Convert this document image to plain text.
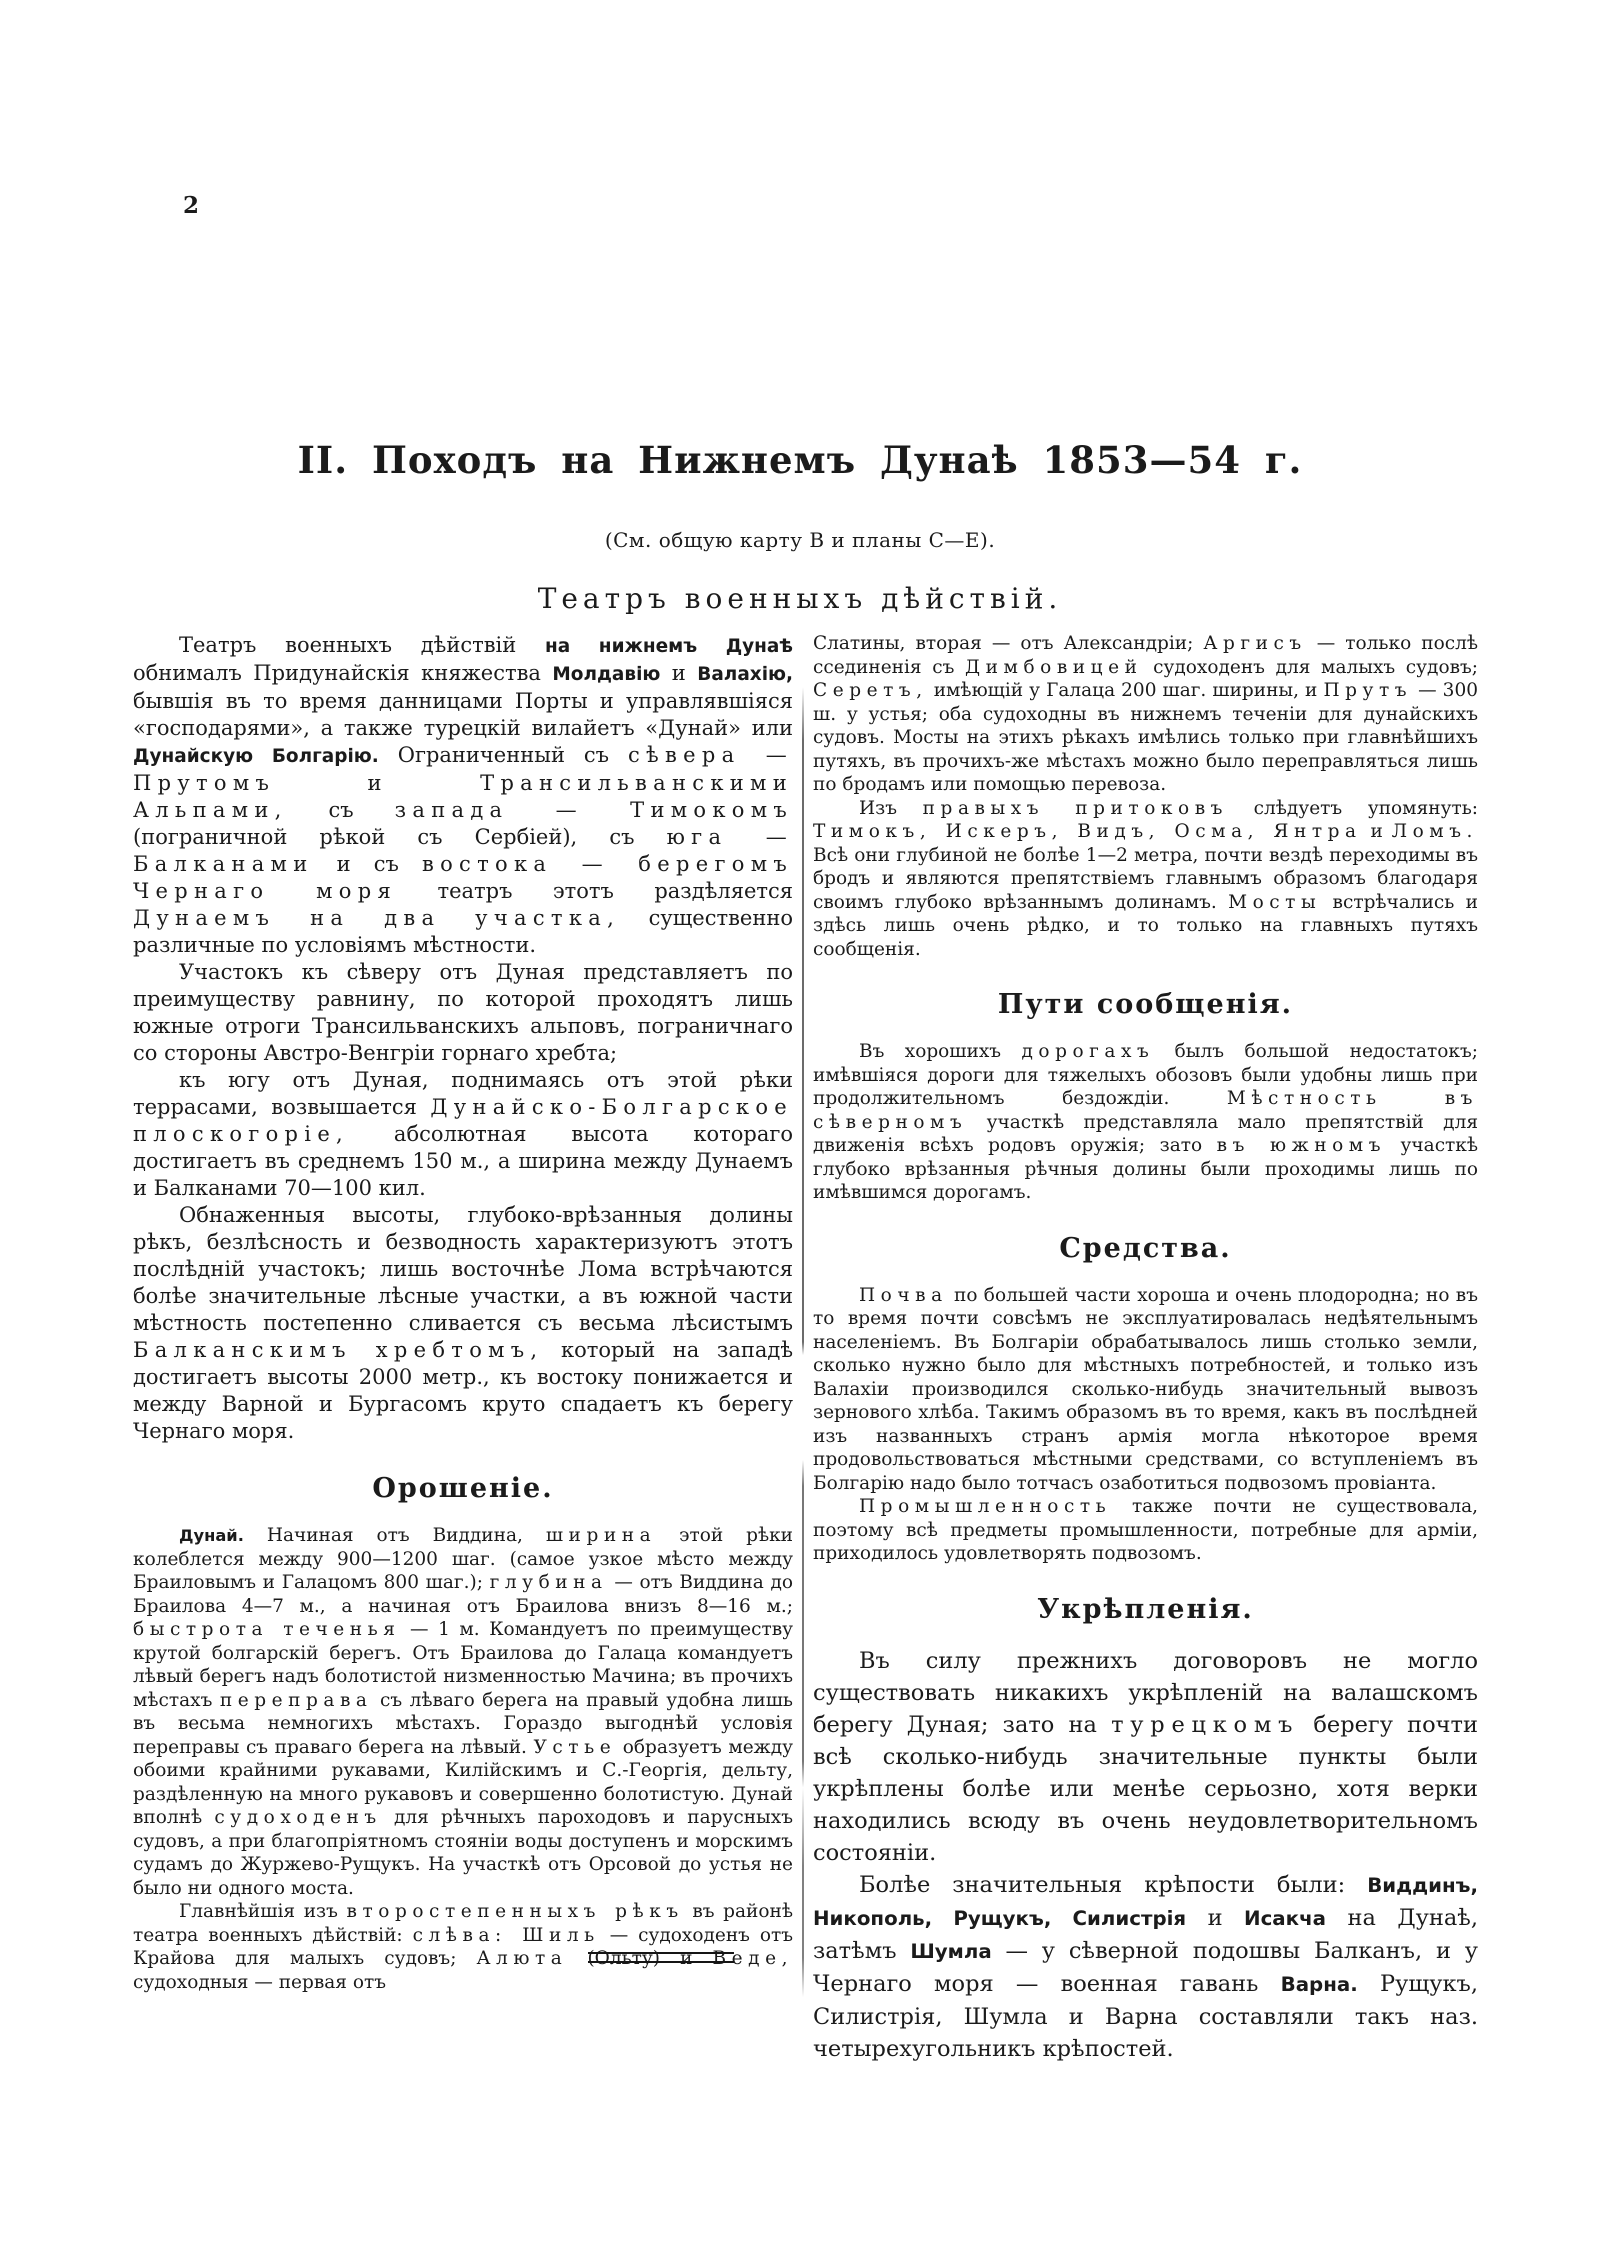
2
II. Походъ на Нижнемъ Дунаѣ 1853—54 г.
(См. общую карту B и планы C—E).
Театръ военныхъ дѣйствій.

Театръ военныхъ дѣйствій на нижнемъ Дунаѣ обнималъ Придунайскія княжества Молдавію и Валахію, бывшія въ то время данницами Порты и управлявшіяся «господарями», а также турецкій вилайетъ «Дунай» или Дунайскую Болгарію. Ограниченный съ сѣвера — Прутомъ и Трансильванскими Альпами, съ запада — Тимокомъ (пограничной рѣкой съ Сербіей), съ юга — Балканами и съ востока — берегомъ Чернаго моря театръ этотъ раздѣляется Дунаемъ на два участка, существенно различные по условіямъ мѣстности.

Участокъ къ сѣверу отъ Дуная представляетъ по преимуществу равнину, по которой проходятъ лишь южные отроги Трансильванскихъ альповъ, пограничнаго со стороны Австро-Венгріи горнаго хребта;

къ югу отъ Дуная, поднимаясь отъ этой рѣки террасами, возвышается Дунайско-Болгарское плоскогоріе, абсолютная высота котораго достигаетъ въ среднемъ 150 м., а ширина между Дунаемъ и Балканами 70—100 кил.

Обнаженныя высоты, глубоко-врѣзанныя долины рѣкъ, безлѣсность и безводность характеризуютъ этотъ послѣдній участокъ; лишь восточнѣе Лома встрѣчаются болѣе значительные лѣсные участки, а въ южной части мѣстность постепенно сливается съ весьма лѣсистымъ Балканскимъ хребтомъ, который на западѣ достигаетъ высоты 2000 метр., къ востоку понижается и между Варной и Бургасомъ круто спадаетъ къ берегу Чернаго моря.

Орошеніе.

Дунай. Начиная отъ Виддина, ширина этой рѣки колеблется между 900—1200 шаг. (самое узкое мѣсто между Браиловымъ и Галацомъ 800 шаг.); глубина — отъ Виддина до Браилова 4—7 м., а начиная отъ Браилова внизъ 8—16 м.; быстрота теченья — 1 м. Командуетъ по преимуществу крутой болгарскій берегъ. Отъ Браилова до Галаца командуетъ лѣвый берегъ надъ болотистой низменностью Мачина; въ прочихъ мѣстахъ переправа съ лѣваго берега на правый удобна лишь въ весьма немногихъ мѣстахъ. Гораздо выгоднѣй условія переправы съ праваго берега на лѣвый. Устье образуетъ между обоими крайними рукавами, Килійскимъ и С.-Георгія, дельту, раздѣленную на много рукавовъ и совершенно болотистую. Дунай вполнѣ судоходенъ для рѣчныхъ пароходовъ и парусныхъ судовъ, а при благопріятномъ стояніи воды доступенъ и морскимъ судамъ до Журжево-Рущукъ. На участкѣ отъ Орсовой до устья не было ни одного моста.

Главнѣйшія изъ второстепенныхъ рѣкъ въ районѣ театра военныхъ дѣйствій: слѣва: Шиль — судоходенъ отъ Крайова для малыхъ судовъ; Алюта (Ольту) и Веде, судоходныя — первая отъ

Слатины, вторая — отъ Александріи; Аргисъ — только послѣ ссединенія съ Димбовицей судоходенъ для малыхъ судовъ; Серетъ, имѣющій у Галаца 200 шаг. ширины, и Прутъ — 300 ш. у устья; оба судоходны въ нижнемъ теченіи для дунайскихъ судовъ. Мосты на этихъ рѣкахъ имѣлись только при главнѣйшихъ путяхъ, въ прочихъ-же мѣстахъ можно было переправляться лишь по бродамъ или помощью перевоза.

Изъ правыхъ притоковъ слѣдуетъ упомянуть: Тимокъ, Искеръ, Видъ, Осма, Янтра и Ломъ. Всѣ они глубиной не болѣе 1—2 метра, почти вездѣ переходимы въ бродъ и являются препятствіемъ главнымъ образомъ благодаря своимъ глубоко врѣзаннымъ долинамъ. Мосты встрѣчались и здѣсь лишь очень рѣдко, и то только на главныхъ путяхъ сообщенія.

Пути сообщенія.

Въ хорошихъ дорогахъ былъ большой недостатокъ; имѣвшіяся дороги для тяжелыхъ обозовъ были удобны лишь при продолжительномъ бездождіи. Мѣстность въ сѣверномъ участкѣ представляла мало препятствій для движенія всѣхъ родовъ оружія; зато въ южномъ участкѣ глубоко врѣзанныя рѣчныя долины были проходимы лишь по имѣвшимся дорогамъ.

Средства.

Почва по большей части хороша и очень плодородна; но въ то время почти совсѣмъ не эксплуатировалась недѣятельнымъ населеніемъ. Въ Болгаріи обрабатывалось лишь столько земли, сколько нужно было для мѣстныхъ потребностей, и только изъ Валахіи производился сколько-нибудь значительный вывозъ зернового хлѣба. Такимъ образомъ въ то время, какъ въ послѣдней изъ названныхъ странъ армія могла нѣкоторое время продовольствоваться мѣстными средствами, со вступленіемъ въ Болгарію надо было тотчасъ озаботиться подвозомъ провіанта.

Промышленность также почти не существовала, поэтому всѣ предметы промышленности, потребные для арміи, приходилось удовлетворять подвозомъ.

Укрѣпленія.

Въ силу прежнихъ договоровъ не могло существовать никакихъ укрѣпленій на валашскомъ берегу Дуная; зато на турецкомъ берегу почти всѣ сколько-нибудь значительные пункты были укрѣплены болѣе или менѣе серьозно, хотя верки находились всюду въ очень неудовлетворительномъ состояніи.

Болѣе значительныя крѣпости были: Виддинъ, Никополь, Рущукъ, Силистрія и Исакча на Дунаѣ, затѣмъ Шумла — у сѣверной подошвы Балканъ, и у Чернаго моря — военная гавань Варна. Рущукъ, Силистрія, Шумла и Варна составляли такъ наз. четырехугольникъ крѣпостей.
